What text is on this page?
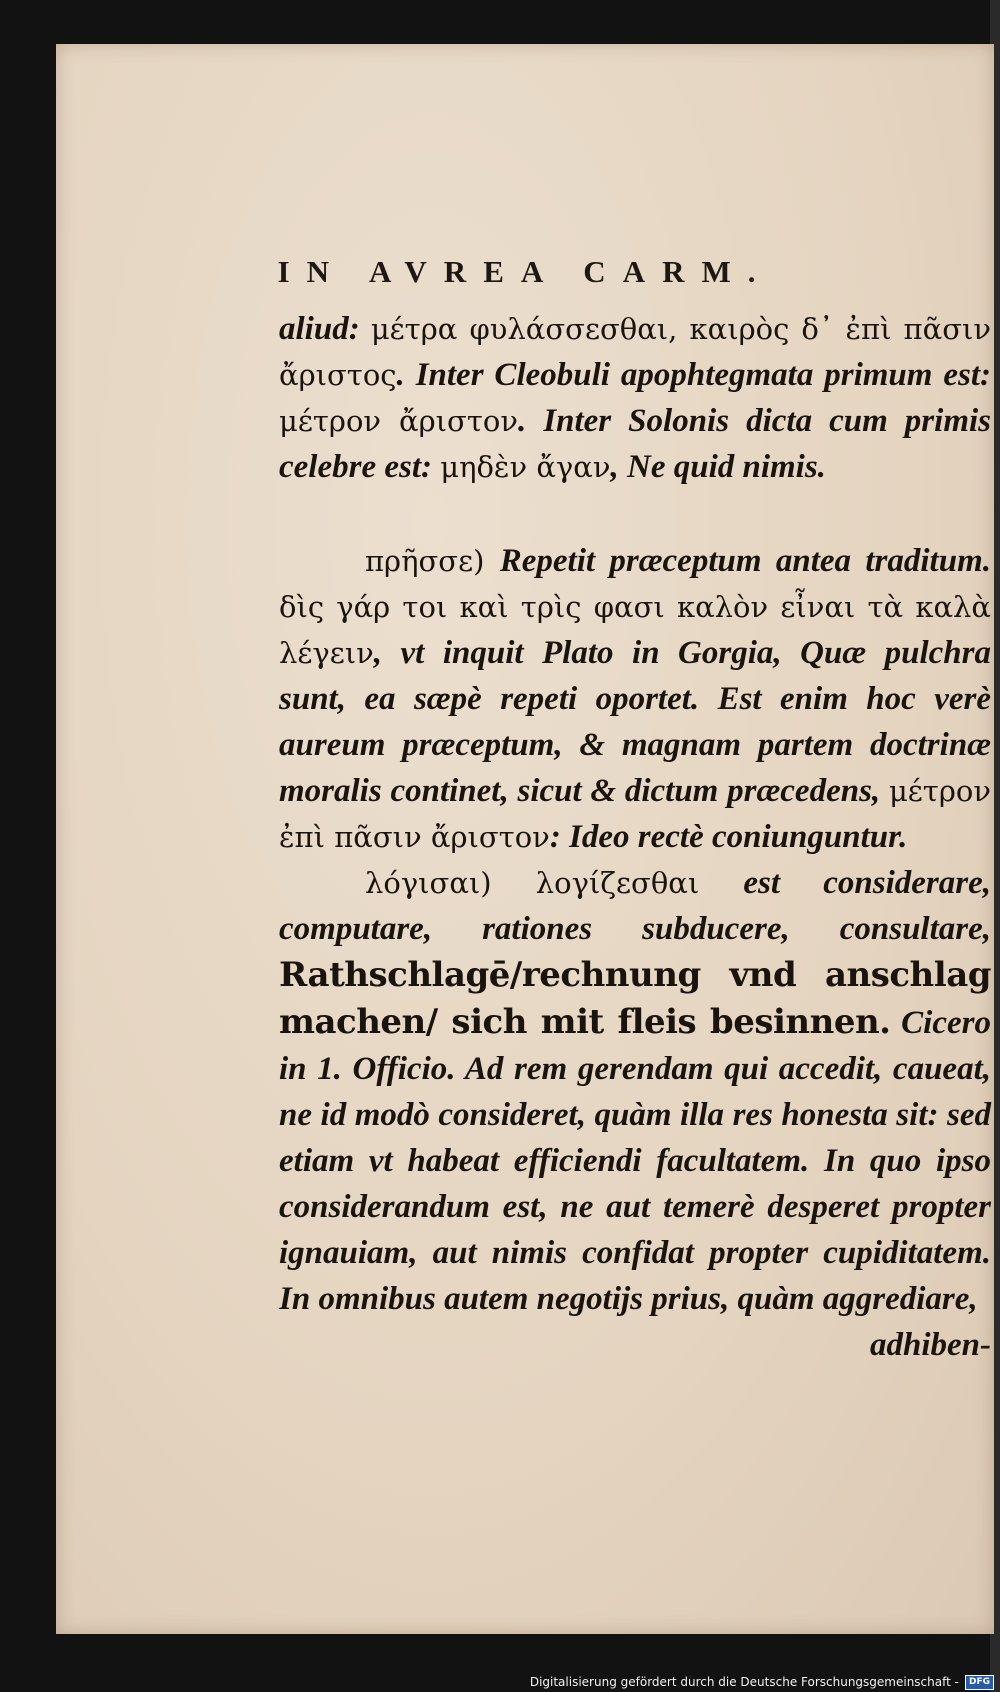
IN AVREA CARM.

aliud: μέτρα φυλάσσεσθαι, καιρὸς δ᾽ ἐπὶ πᾶσιν ἄριστος. Inter Cleobuli apophtegmata primum est: μέτρον ἄριστον. Inter Solonis dicta cum primis celebre est: μηδὲν ἄγαν, Ne quid nimis.

πρῆσσε) Repetit præceptum antea traditum. δὶς γάρ τοι καὶ τρὶς φασι καλὸν εἶναι τὰ καλὰ λέγειν, vt inquit Plato in Gorgia, Quæ pulchra sunt, ea sæpè repeti oportet. Est enim hoc verè aureum præceptum, & magnam partem doctrinæ moralis continet, sicut & dictum præcedens, μέτρον ἐπὶ πᾶσιν ἄριστον: Ideo rectè coniunguntur.

λόγισαι) λογίζεσθαι est considerare, computare, rationes subducere, consultare, Rathschlagē/rechnung vnd anschlag machen/ sich mit fleis besinnen. Cicero in 1. Officio. Ad rem gerendam qui accedit, caueat, ne id modò consideret, quàm illa res honesta sit: sed etiam vt habeat efficiendi facultatem. In quo ipso considerandum est, ne aut temerè desperet propter ignauiam, aut nimis confidat propter cupiditatem. In omnibus autem negotijs prius, quàm aggrediare,

adhiben-

Digitalisierung gefördert durch die Deutsche Forschungsgemeinschaft -	DFG
